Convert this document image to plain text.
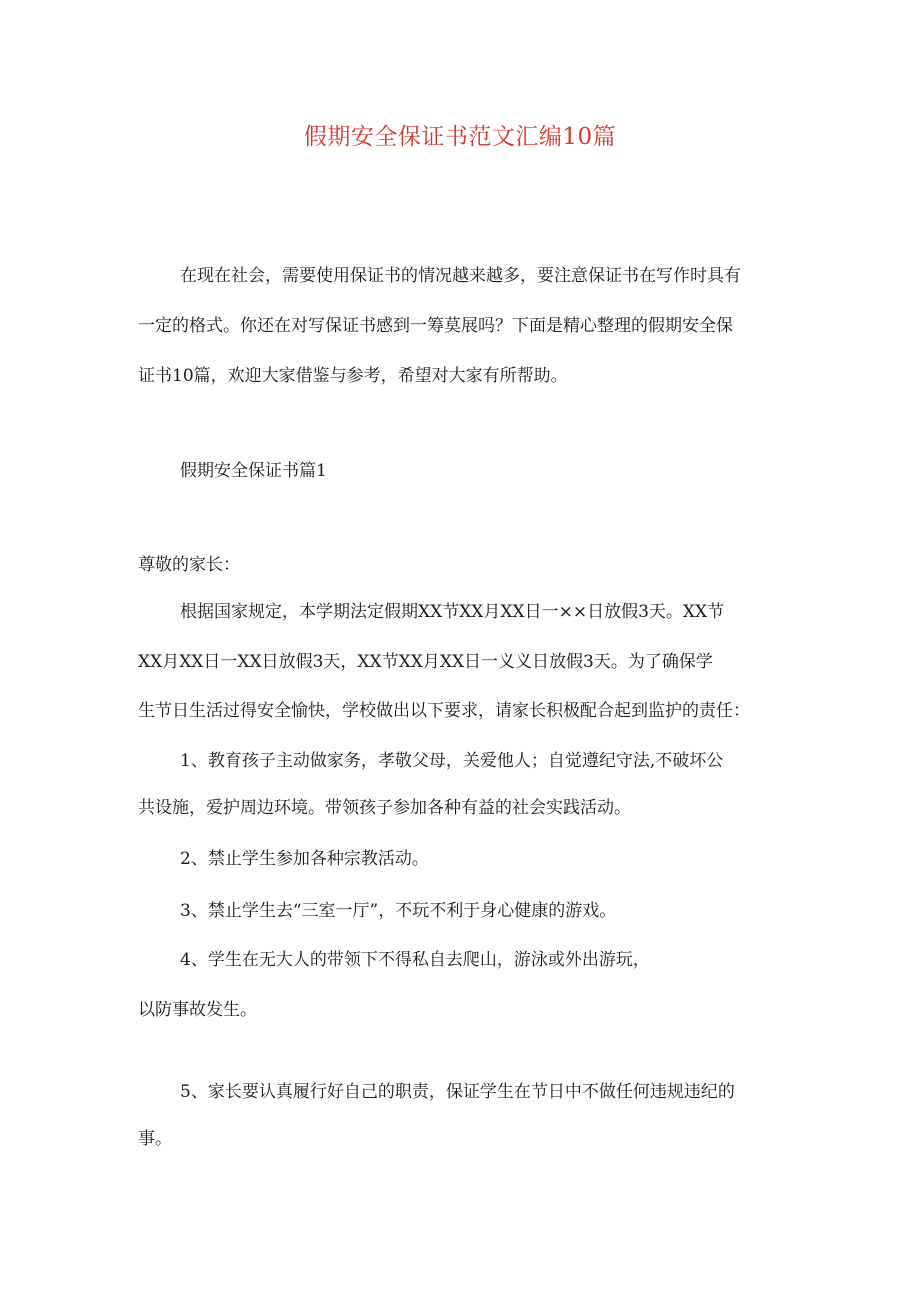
假期安全保证书范文汇编10篇

在现在社会，需要使用保证书的情况越来越多，要注意保证书在写作时具有

一定的格式。你还在对写保证书感到一筹莫展吗？下面是精心整理的假期安全保

证书10篇，欢迎大家借鉴与参考，希望对大家有所帮助。

假期安全保证书篇1

尊敬的家长：

根据国家规定，本学期法定假期XX节XX月XX日一××日放假3天。XX节

XX月XX日一XX日放假3天，XX节XX月XX日一义义日放假3天。为了确保学

生节日生活过得安全愉快，学校做出以下要求，请家长积极配合起到监护的责任：

1、教育孩子主动做家务，孝敬父母，关爱他人；自觉遵纪守法,不破坏公

共设施，爱护周边环境。带领孩子参加各种有益的社会实践活动。

2、禁止学生参加各种宗教活动。

3、禁止学生去“三室一厅”，不玩不利于身心健康的游戏。

4、学生在无大人的带领下不得私自去爬山，游泳或外出游玩，

以防事故发生。

5、家长要认真履行好自己的职责，保证学生在节日中不做任何违规违纪的

事。
